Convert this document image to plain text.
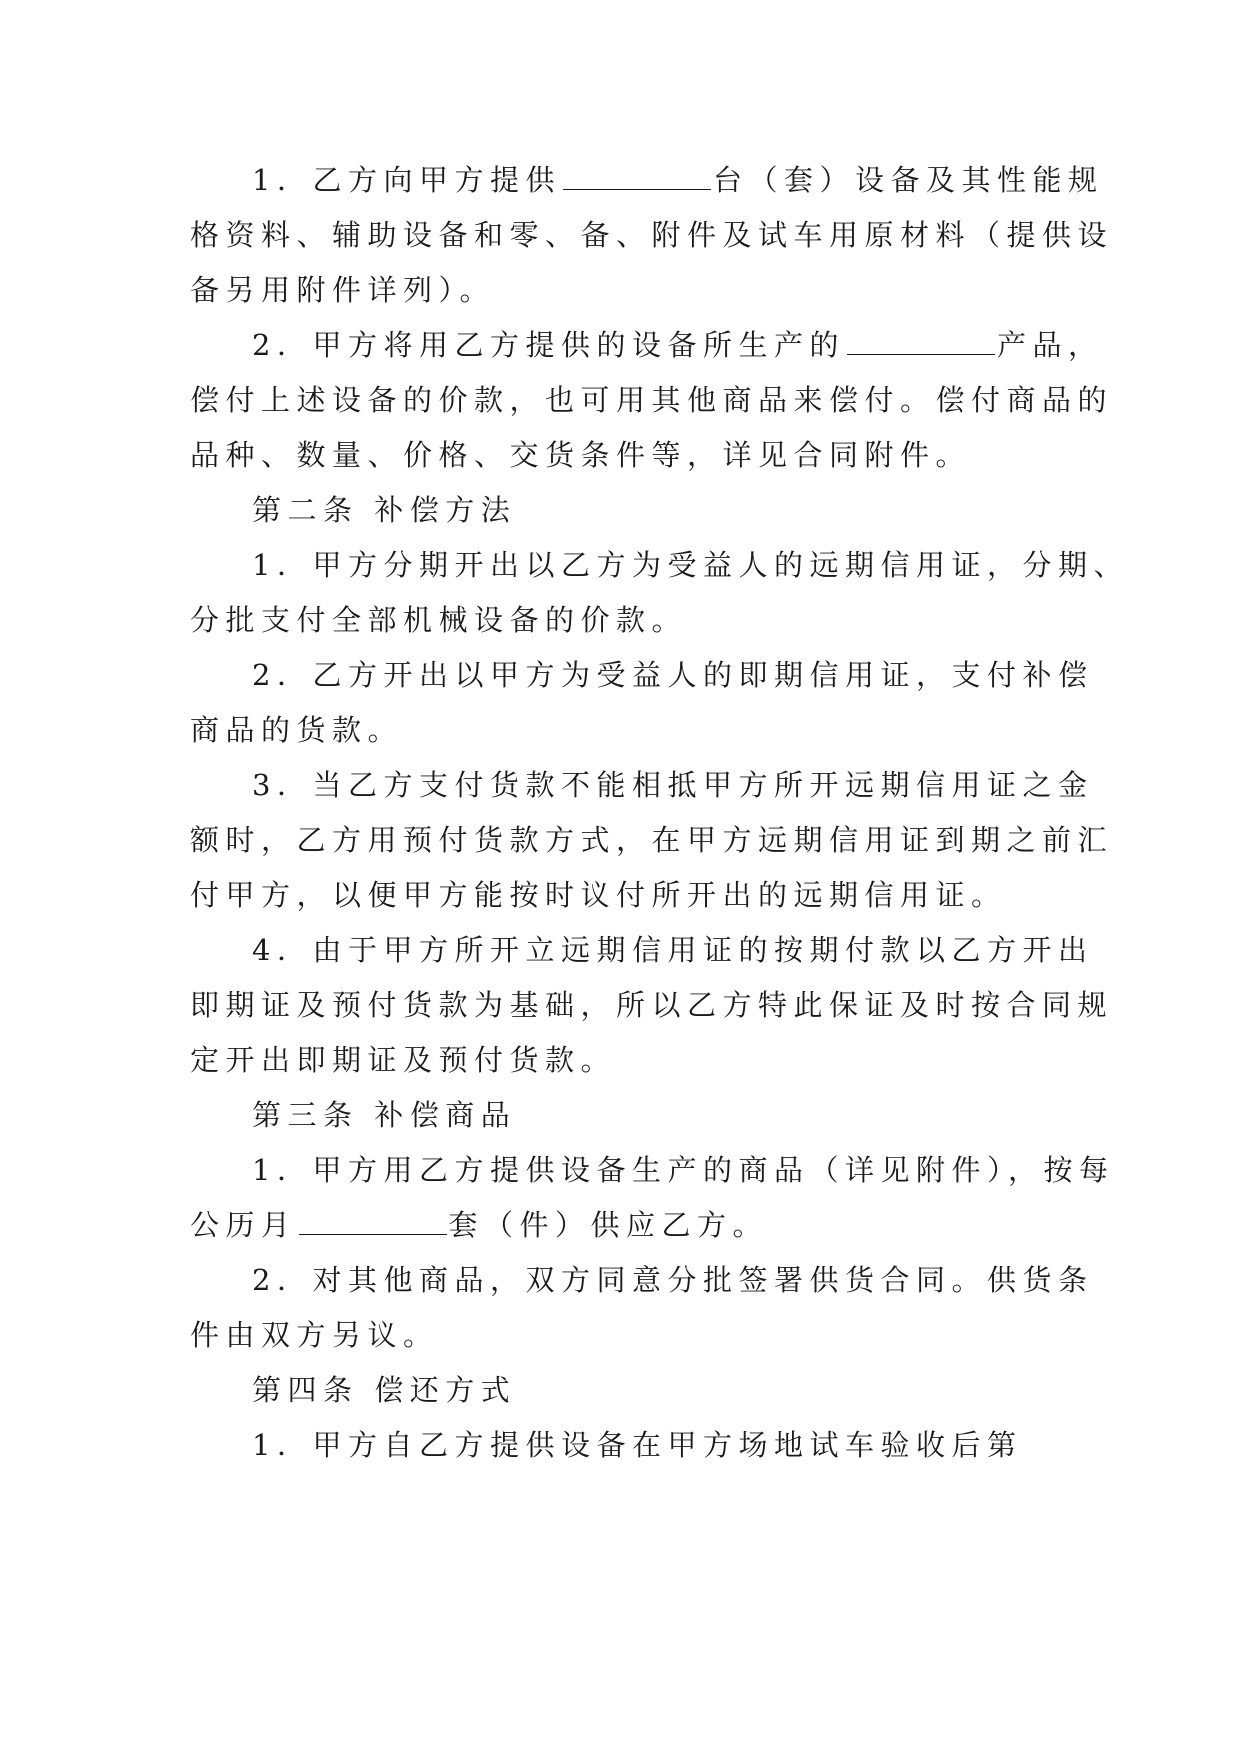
1．乙方向甲方提供	台（套）设备及其性能规
格资料、辅助设备和零、备、附件及试车用原材料（提供设
备另用附件详列）。
2．甲方将用乙方提供的设备所生产的	产品，
偿付上述设备的价款，也可用其他商品来偿付。偿付商品的
品种、数量、价格、交货条件等，详见合同附件。
第二条 补偿方法
1．甲方分期开出以乙方为受益人的远期信用证，分期、
分批支付全部机械设备的价款。
2．乙方开出以甲方为受益人的即期信用证，支付补偿
商品的货款。
3．当乙方支付货款不能相抵甲方所开远期信用证之金
额时，乙方用预付货款方式，在甲方远期信用证到期之前汇
付甲方，以便甲方能按时议付所开出的远期信用证。
4．由于甲方所开立远期信用证的按期付款以乙方开出
即期证及预付货款为基础，所以乙方特此保证及时按合同规
定开出即期证及预付货款。
第三条 补偿商品
1．甲方用乙方提供设备生产的商品（详见附件），按每
公历月	套（件）供应乙方。
2．对其他商品，双方同意分批签署供货合同。供货条
件由双方另议。
第四条 偿还方式
1．甲方自乙方提供设备在甲方场地试车验收后第
